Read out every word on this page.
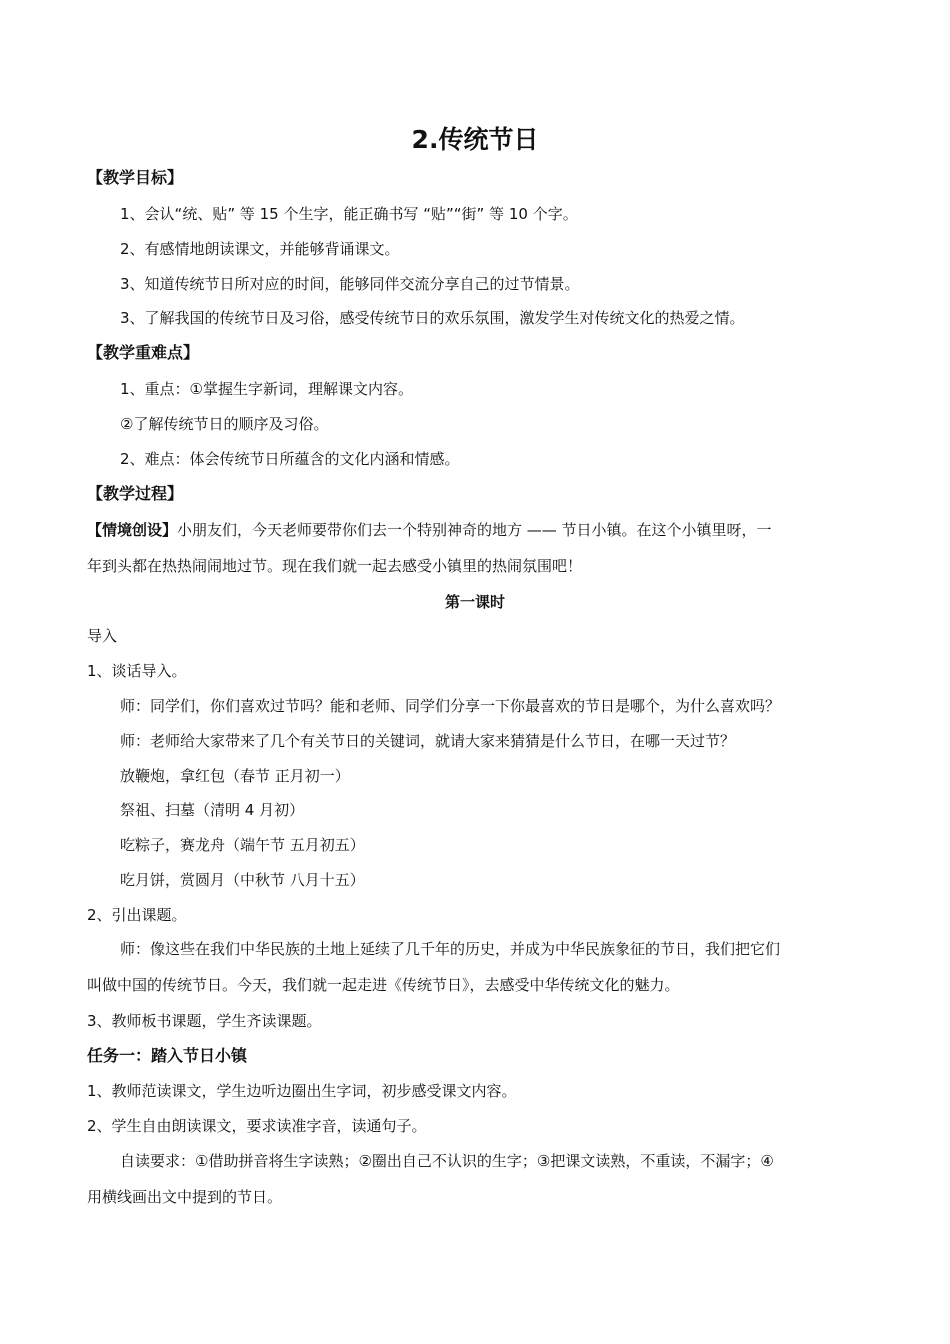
2.传统节日
【教学目标】
1、会认“统、贴” 等 15 个生字，能正确书写 “贴”“街” 等 10 个字。
2、有感情地朗读课文，并能够背诵课文。
3、知道传统节日所对应的时间，能够同伴交流分享自己的过节情景。
3、了解我国的传统节日及习俗，感受传统节日的欢乐氛围，激发学生对传统文化的热爱之情。
【教学重难点】
1、重点：①掌握生字新词，理解课文内容。
②了解传统节日的顺序及习俗。
2、难点：体会传统节日所蕴含的文化内涵和情感。
【教学过程】
【情境创设】小朋友们，今天老师要带你们去一个特别神奇的地方 —— 节日小镇。在这个小镇里呀，一
年到头都在热热闹闹地过节。现在我们就一起去感受小镇里的热闹氛围吧！
第一课时
导入
1、谈话导入。
师：同学们，你们喜欢过节吗？能和老师、同学们分享一下你最喜欢的节日是哪个，为什么喜欢吗？
师：老师给大家带来了几个有关节日的关键词，就请大家来猜猜是什么节日，在哪一天过节？
放鞭炮，拿红包（春节 正月初一）
祭祖、扫墓（清明 4 月初）
吃粽子，赛龙舟（端午节 五月初五）
吃月饼，赏圆月（中秋节 八月十五）
2、引出课题。
师：像这些在我们中华民族的土地上延续了几千年的历史，并成为中华民族象征的节日，我们把它们
叫做中国的传统节日。今天，我们就一起走进《传统节日》，去感受中华传统文化的魅力。
3、教师板书课题，学生齐读课题。
任务一：踏入节日小镇
1、教师范读课文，学生边听边圈出生字词，初步感受课文内容。
2、学生自由朗读课文，要求读准字音，读通句子。
自读要求：①借助拼音将生字读熟；②圈出自己不认识的生字；③把课文读熟，不重读，不漏字；④
用横线画出文中提到的节日。
